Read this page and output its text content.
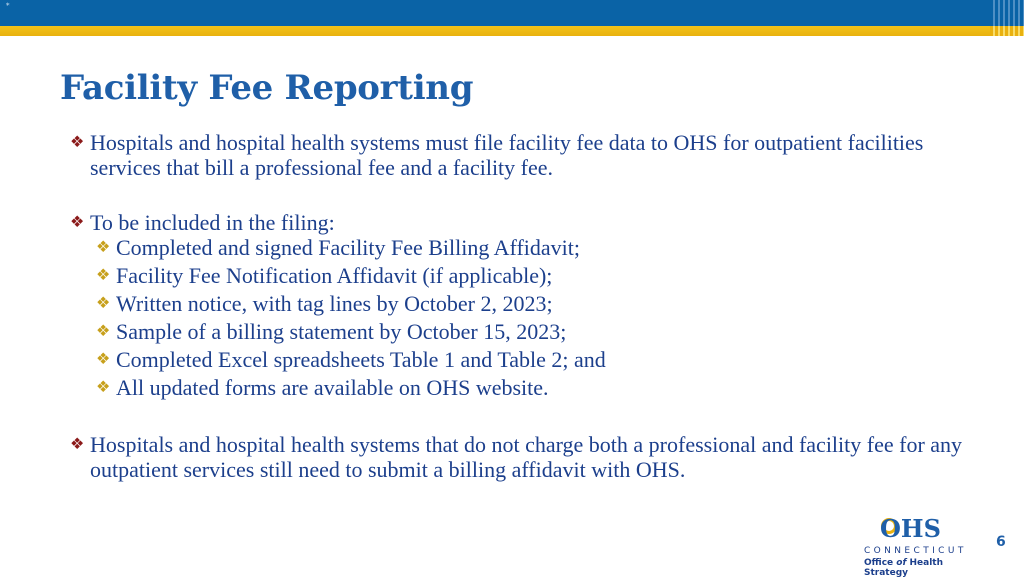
*
Facility Fee Reporting
❖ Hospitals and hospital health systems must file facility fee data to OHS for outpatient facilities services that bill a professional fee and a facility fee.
❖ To be included in the filing:
❖ Completed and signed Facility Fee Billing Affidavit;
❖ Facility Fee Notification Affidavit (if applicable);
❖ Written notice, with tag lines by October 2, 2023;
❖ Sample of a billing statement by October 15, 2023;
❖ Completed Excel spreadsheets Table 1 and Table 2; and
❖ All updated forms are available on OHS website.
❖ Hospitals and hospital health systems that do not charge both a professional and facility fee for any outpatient services still need to submit a billing affidavit with OHS.
OHS
CONNECTICUT
Office of Health Strategy
6
